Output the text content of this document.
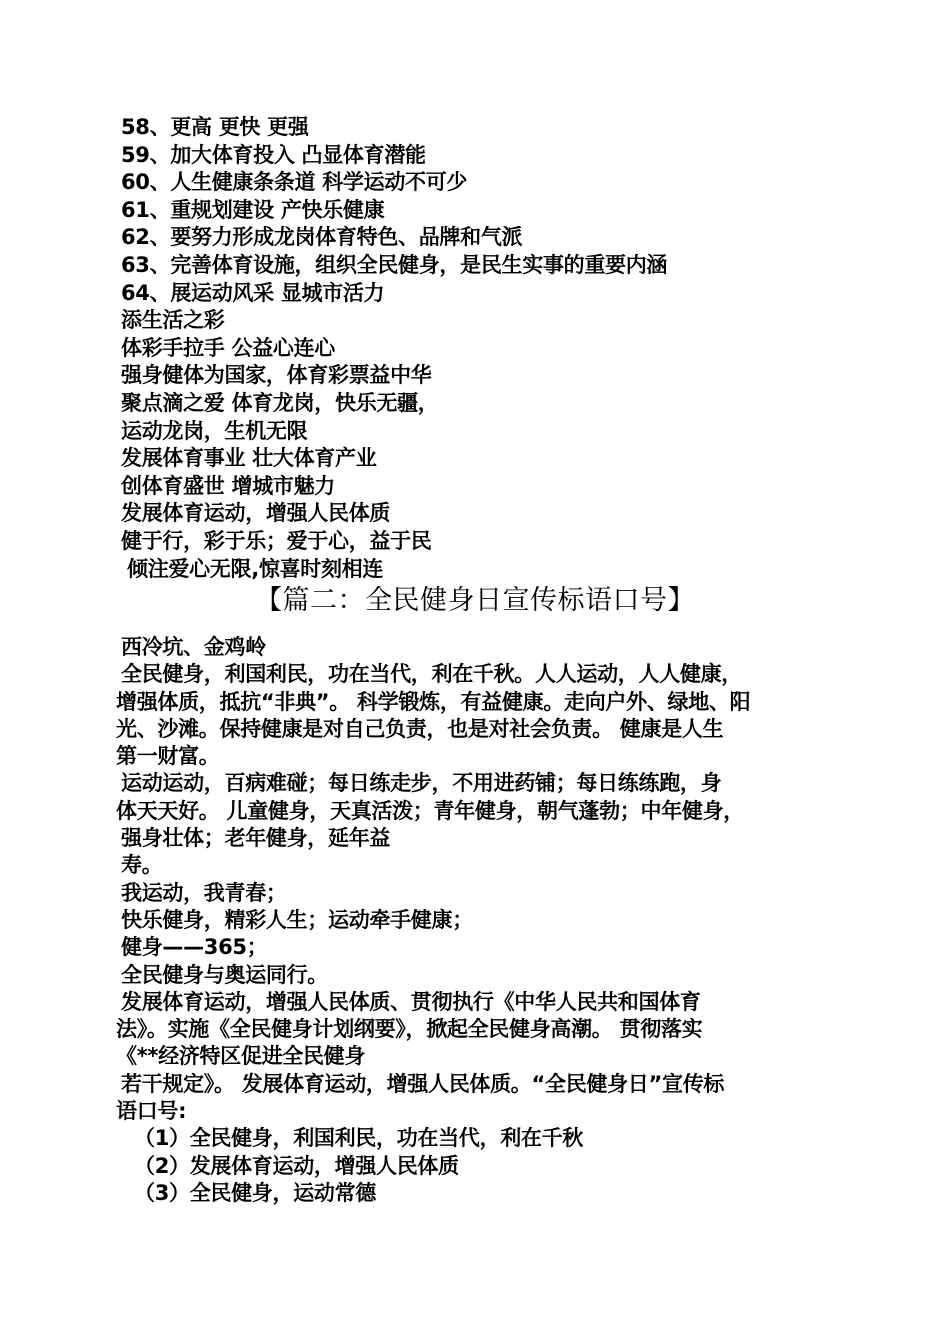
58、更高 更快 更强
59、加大体育投入 凸显体育潜能
60、人生健康条条道 科学运动不可少
61、重规划建设 产快乐健康
62、要努力形成龙岗体育特色、品牌和气派
63、完善体育设施，组织全民健身，是民生实事的重要内涵
64、展运动风采 显城市活力
添生活之彩
体彩手拉手 公益心连心
强身健体为国家，体育彩票益中华
聚点滴之爱 体育龙岗，快乐无疆，
运动龙岗，生机无限
发展体育事业 壮大体育产业
创体育盛世 增城市魅力
发展体育运动，增强人民体质
健于行，彩于乐；爱于心，益于民
倾注爱心无限,惊喜时刻相连
【篇二：全民健身日宣传标语口号】
西冷坑、金鸡岭
全民健身，利国利民，功在当代，利在千秋。人人运动，人人健康，
增强体质，抵抗“非典”。 科学锻炼，有益健康。走向户外、绿地、阳
光、沙滩。保持健康是对自己负责，也是对社会负责。 健康是人生
第一财富。
运动运动，百病难碰；每日练走步，不用进药铺；每日练练跑，身
体天天好。 儿童健身，天真活泼；青年健身，朝气蓬勃；中年健身，
强身壮体；老年健身，延年益
寿。
我运动，我青春；
快乐健身，精彩人生；运动牵手健康；
健身——365；
全民健身与奥运同行。
发展体育运动，增强人民体质、贯彻执行《中华人民共和国体育
法》。实施《全民健身计划纲要》，掀起全民健身高潮。 贯彻落实
《**经济特区促进全民健身
若干规定》。 发展体育运动，增强人民体质。“全民健身日”宣传标
语口号:
（1）全民健身，利国利民，功在当代，利在千秋
（2）发展体育运动，增强人民体质
（3）全民健身，运动常德
